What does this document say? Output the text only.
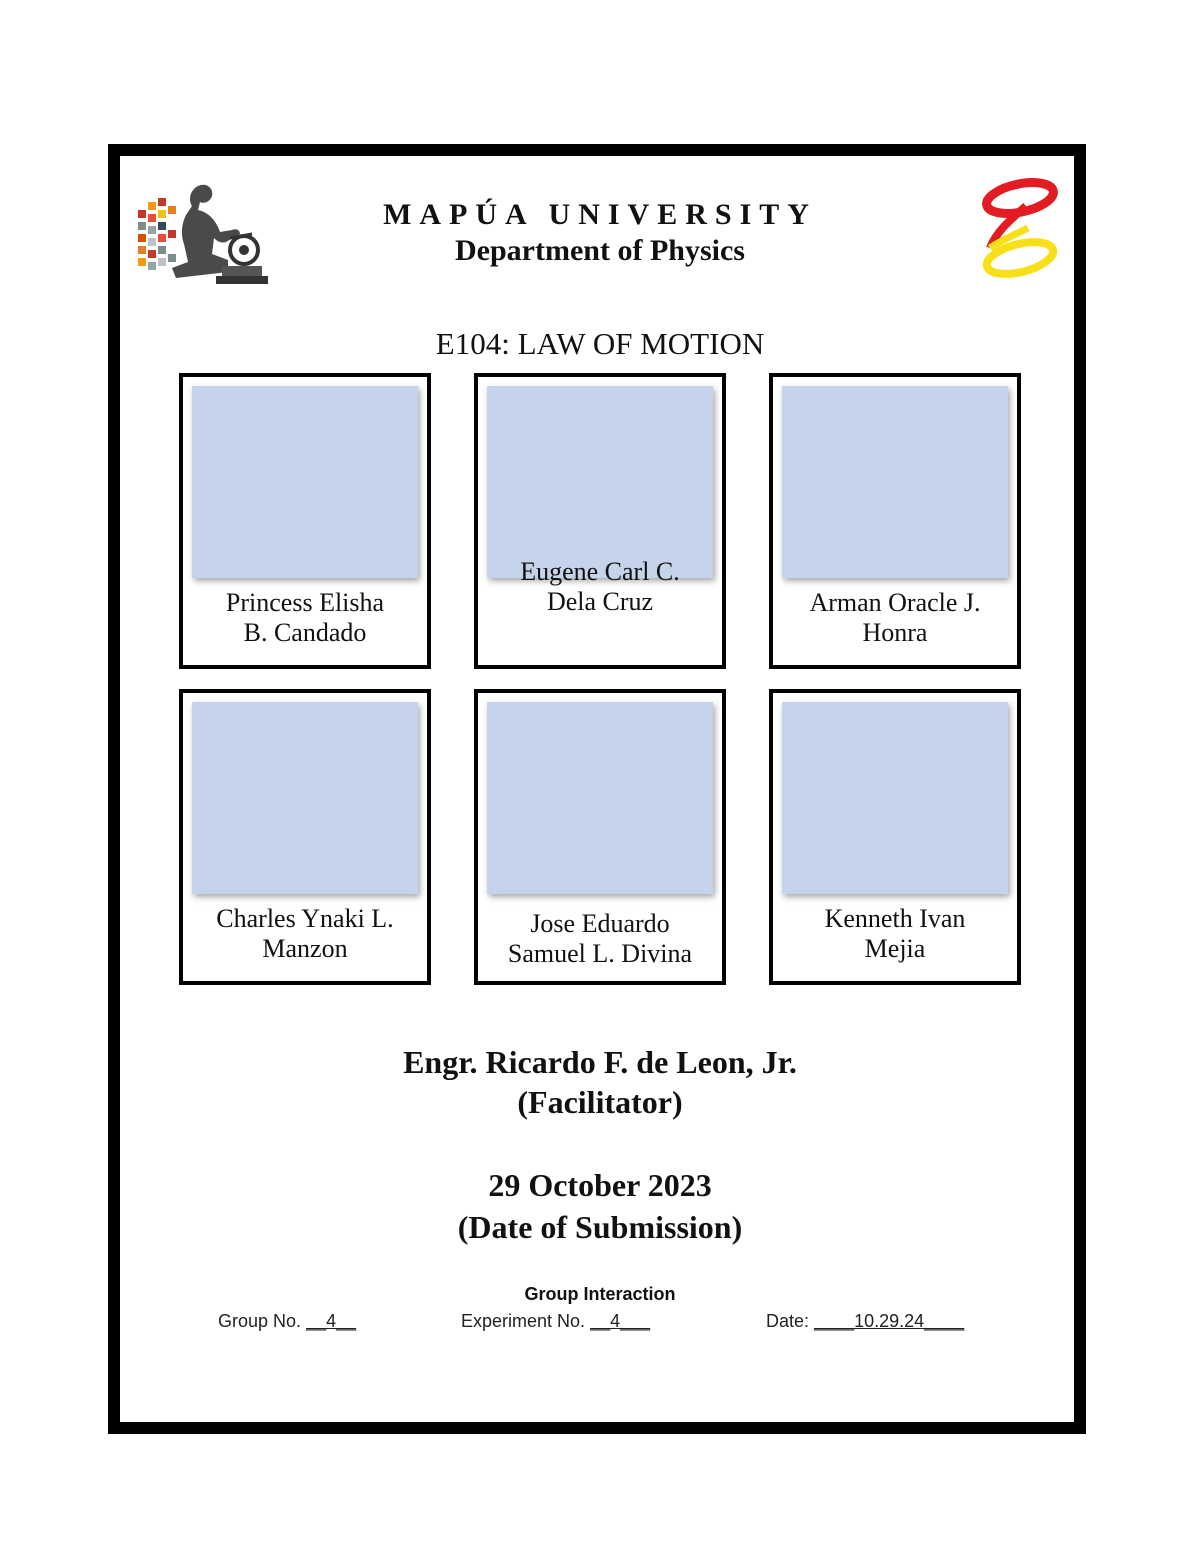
MAPÚA UNIVERSITY
Department of Physics
E104: LAW OF MOTION
Princess Elisha
B. Candado
Eugene Carl C.
Dela Cruz	Arman Oracle J.
Honra
Charles Ynaki L.
Manzon
Jose Eduardo
Samuel L. Divina
Kenneth Ivan
Mejia
Engr. Ricardo F. de Leon, Jr.
(Facilitator)
29 October 2023
(Date of Submission)
Group Interaction
Group No. __4__	Experiment No. __4___	Date: ____10.29.24____
